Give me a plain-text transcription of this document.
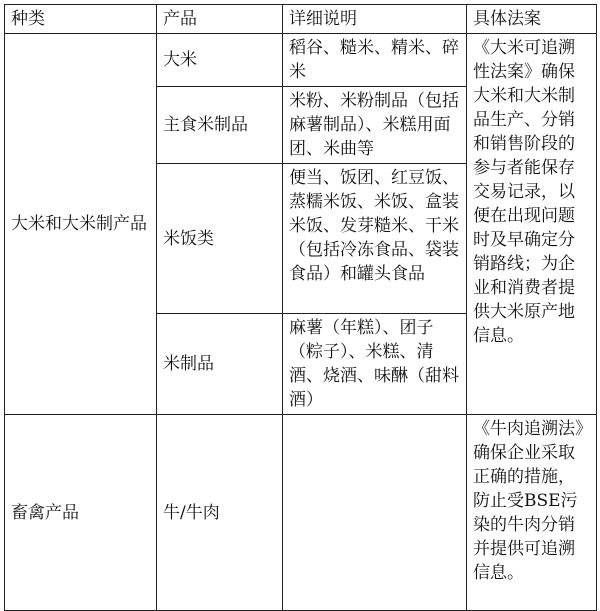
种类	产品	详细说明	具体法案
大米和大米制产品	大米	稻谷、糙米、精米、碎米	《大米可追溯性法案》确保大米和大米制品生产、分销和销售阶段的参与者能保存交易记录，以便在出现问题时及早确定分销路线；为企业和消费者提供大米原产地信息。
	主食米制品	米粉、米粉制品（包括麻薯制品）、米糕用面团、米曲等	
	米饭类	便当、饭团、红豆饭、蒸糯米饭、米饭、盒装米饭、发芽糙米、干米（包括冷冻食品、袋装食品）和罐头食品	
	米制品	麻薯（年糕）、团子（粽子）、米糕、清酒、烧酒、味醂（甜料酒）	
畜禽产品	牛/牛肉		《牛肉追溯法》确保企业采取正确的措施，防止受BSE污染的牛肉分销并提供可追溯信息。
